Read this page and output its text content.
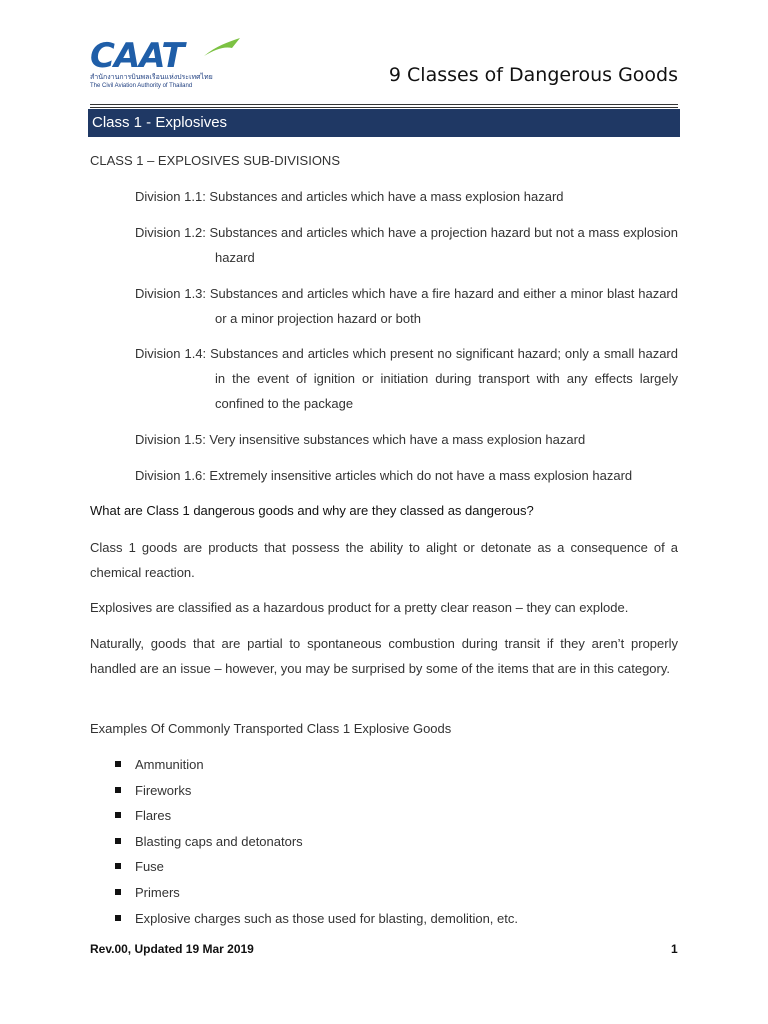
CAAT
สำนักงานการบินพลเรือนแห่งประเทศไทย
The Civil Aviation Authority of Thailand	9 Classes of Dangerous Goods
Class 1 - Explosives
CLASS 1 – EXPLOSIVES SUB-DIVISIONS
Division 1.1: Substances and articles which have a mass explosion hazard
Division 1.2: Substances and articles which have a projection hazard but not a mass explosion hazard
Division 1.3: Substances and articles which have a fire hazard and either a minor blast hazard or a minor projection hazard or both
Division 1.4: Substances and articles which present no significant hazard; only a small hazard in the event of ignition or initiation during transport with any effects largely confined to the package
Division 1.5: Very insensitive substances which have a mass explosion hazard
Division 1.6: Extremely insensitive articles which do not have a mass explosion hazard
What are Class 1 dangerous goods and why are they classed as dangerous?
Class 1 goods are products that possess the ability to alight or detonate as a consequence of a chemical reaction.
Explosives are classified as a hazardous product for a pretty clear reason – they can explode.
Naturally, goods that are partial to spontaneous combustion during transit if they aren’t properly handled are an issue – however, you may be surprised by some of the items that are in this category.
Examples Of Commonly Transported Class 1 Explosive Goods
Ammunition
Fireworks
Flares
Blasting caps and detonators
Fuse
Primers
Explosive charges such as those used for blasting, demolition, etc.
Rev.00, Updated 19 Mar 2019	1
